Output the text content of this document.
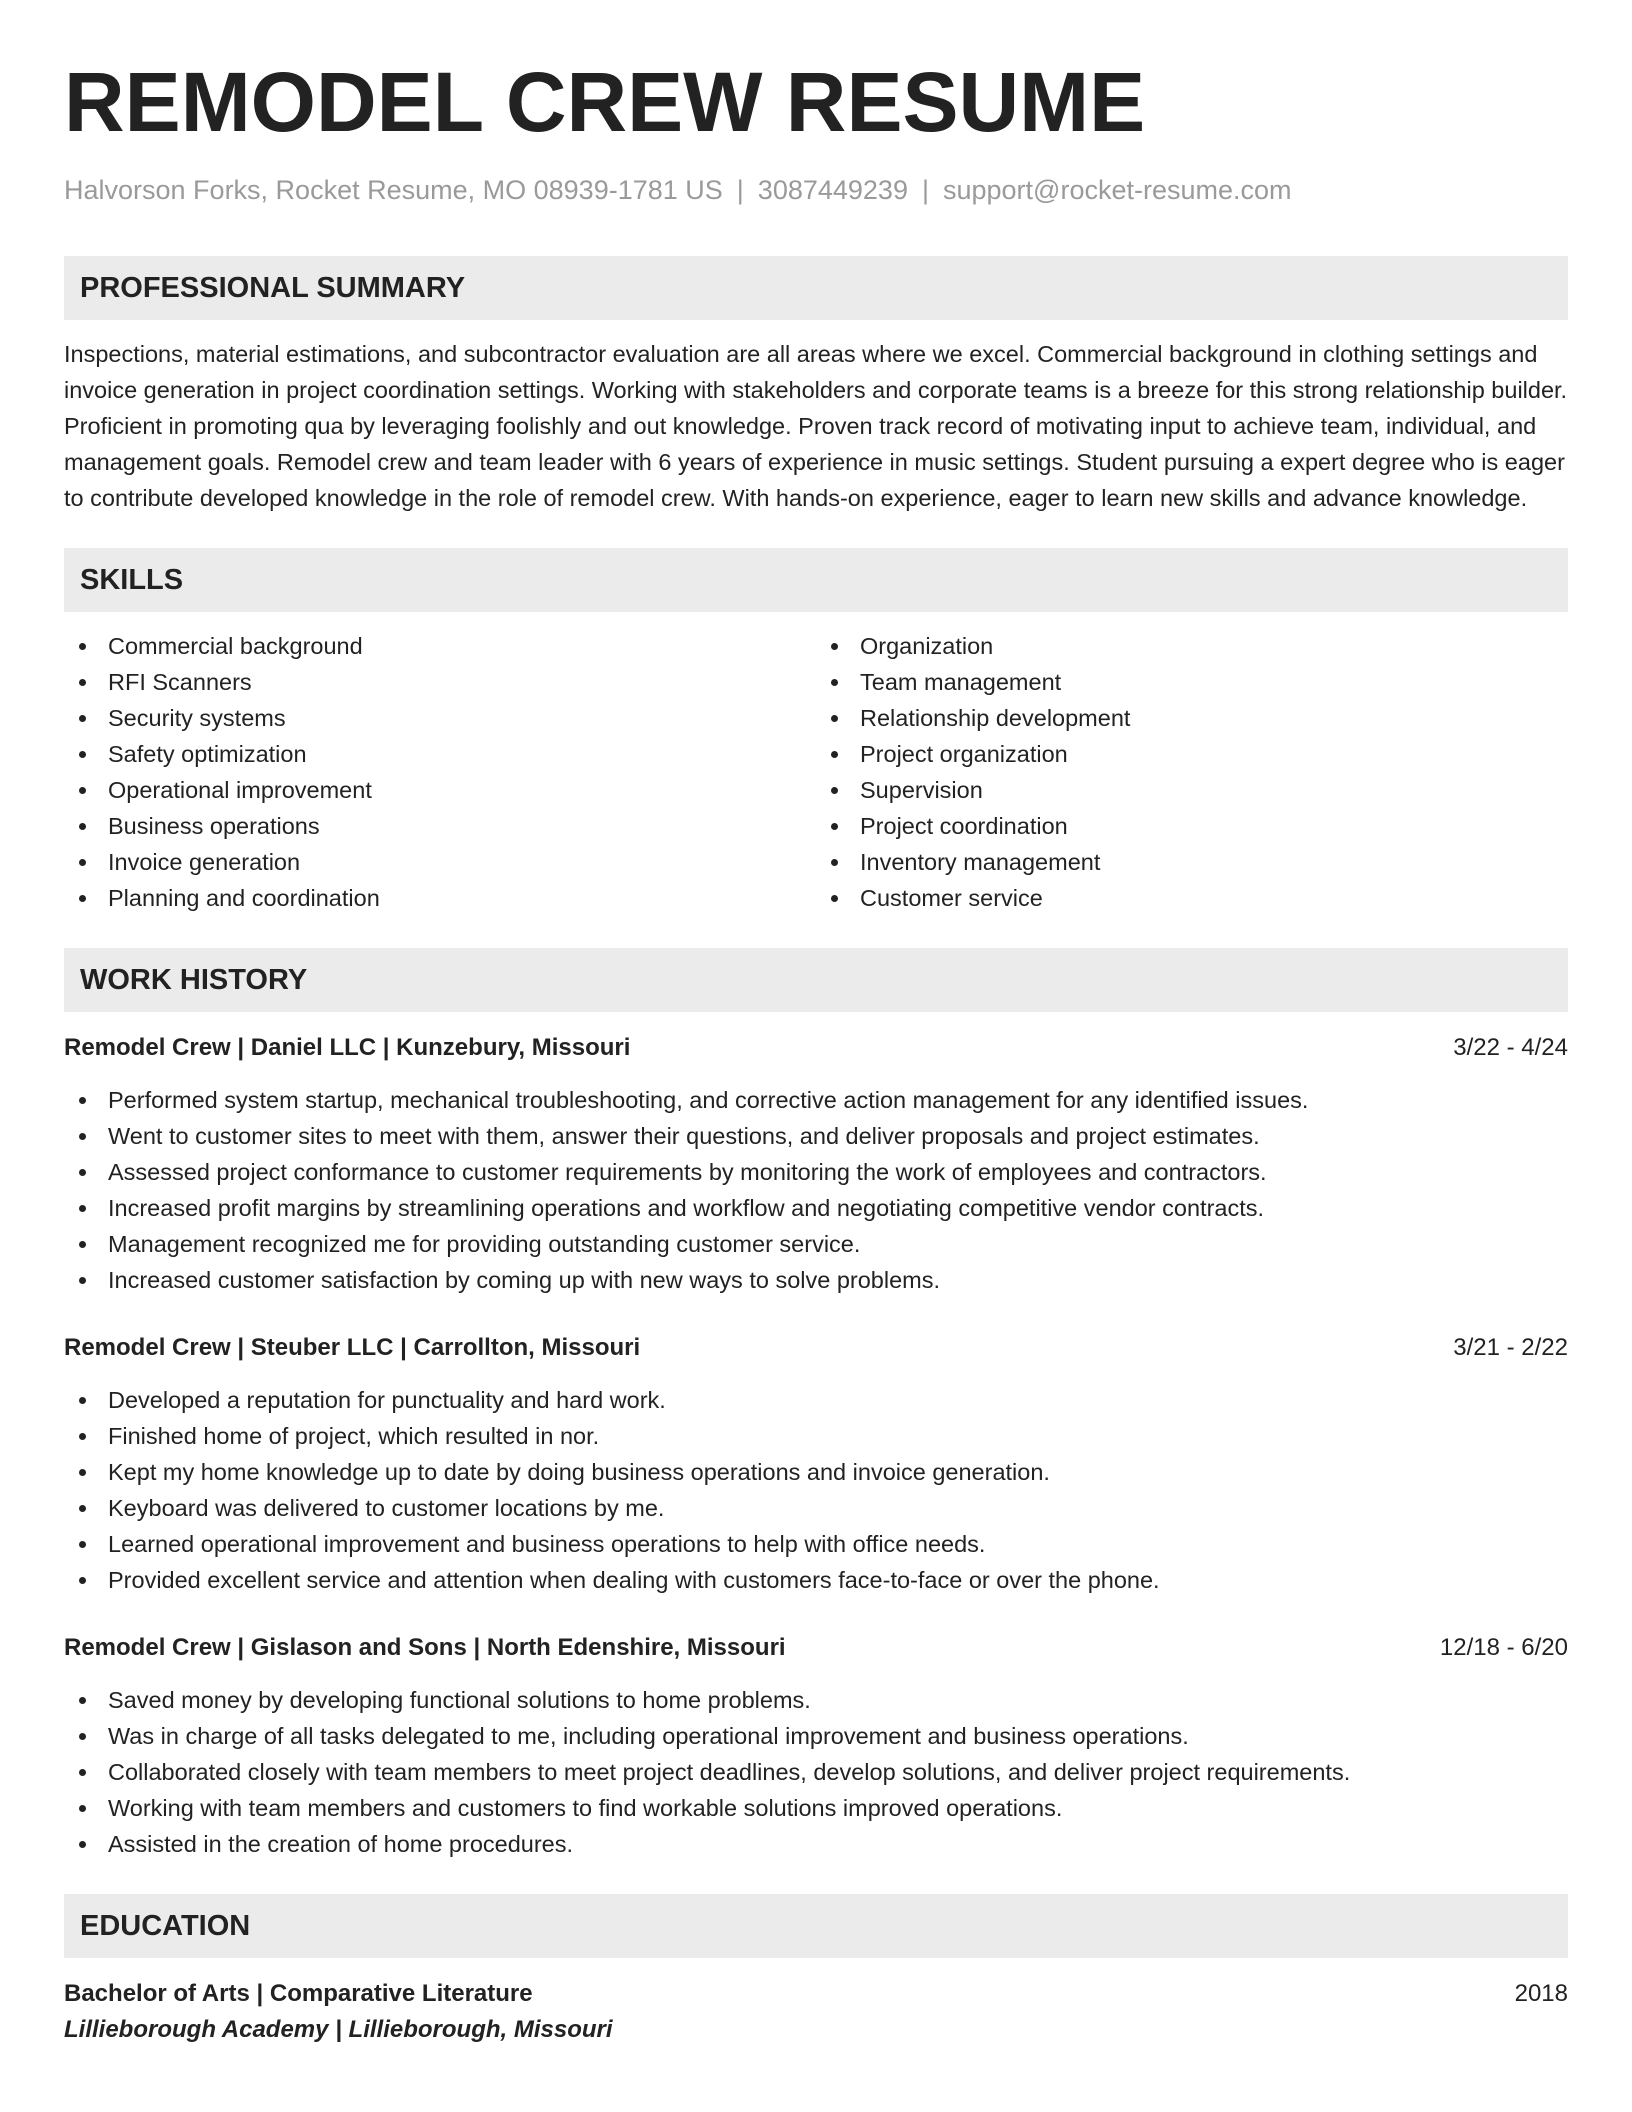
REMODEL CREW RESUME
Halvorson Forks, Rocket Resume, MO 08939-1781 US | 3087449239 | support@rocket-resume.com
PROFESSIONAL SUMMARY
Inspections, material estimations, and subcontractor evaluation are all areas where we excel. Commercial background in clothing settings and invoice generation in project coordination settings. Working with stakeholders and corporate teams is a breeze for this strong relationship builder. Proficient in promoting qua by leveraging foolishly and out knowledge. Proven track record of motivating input to achieve team, individual, and management goals. Remodel crew and team leader with 6 years of experience in music settings. Student pursuing a expert degree who is eager to contribute developed knowledge in the role of remodel crew. With hands-on experience, eager to learn new skills and advance knowledge.
SKILLS
Commercial background
RFI Scanners
Security systems
Safety optimization
Operational improvement
Business operations
Invoice generation
Planning and coordination
Organization
Team management
Relationship development
Project organization
Supervision
Project coordination
Inventory management
Customer service
WORK HISTORY
Remodel Crew | Daniel LLC | Kunzebury, Missouri	3/22 - 4/24
Performed system startup, mechanical troubleshooting, and corrective action management for any identified issues.
Went to customer sites to meet with them, answer their questions, and deliver proposals and project estimates.
Assessed project conformance to customer requirements by monitoring the work of employees and contractors.
Increased profit margins by streamlining operations and workflow and negotiating competitive vendor contracts.
Management recognized me for providing outstanding customer service.
Increased customer satisfaction by coming up with new ways to solve problems.
Remodel Crew | Steuber LLC | Carrollton, Missouri	3/21 - 2/22
Developed a reputation for punctuality and hard work.
Finished home of project, which resulted in nor.
Kept my home knowledge up to date by doing business operations and invoice generation.
Keyboard was delivered to customer locations by me.
Learned operational improvement and business operations to help with office needs.
Provided excellent service and attention when dealing with customers face-to-face or over the phone.
Remodel Crew | Gislason and Sons | North Edenshire, Missouri	12/18 - 6/20
Saved money by developing functional solutions to home problems.
Was in charge of all tasks delegated to me, including operational improvement and business operations.
Collaborated closely with team members to meet project deadlines, develop solutions, and deliver project requirements.
Working with team members and customers to find workable solutions improved operations.
Assisted in the creation of home procedures.
EDUCATION
Bachelor of Arts | Comparative Literature	2018
Lillieborough Academy | Lillieborough, Missouri
